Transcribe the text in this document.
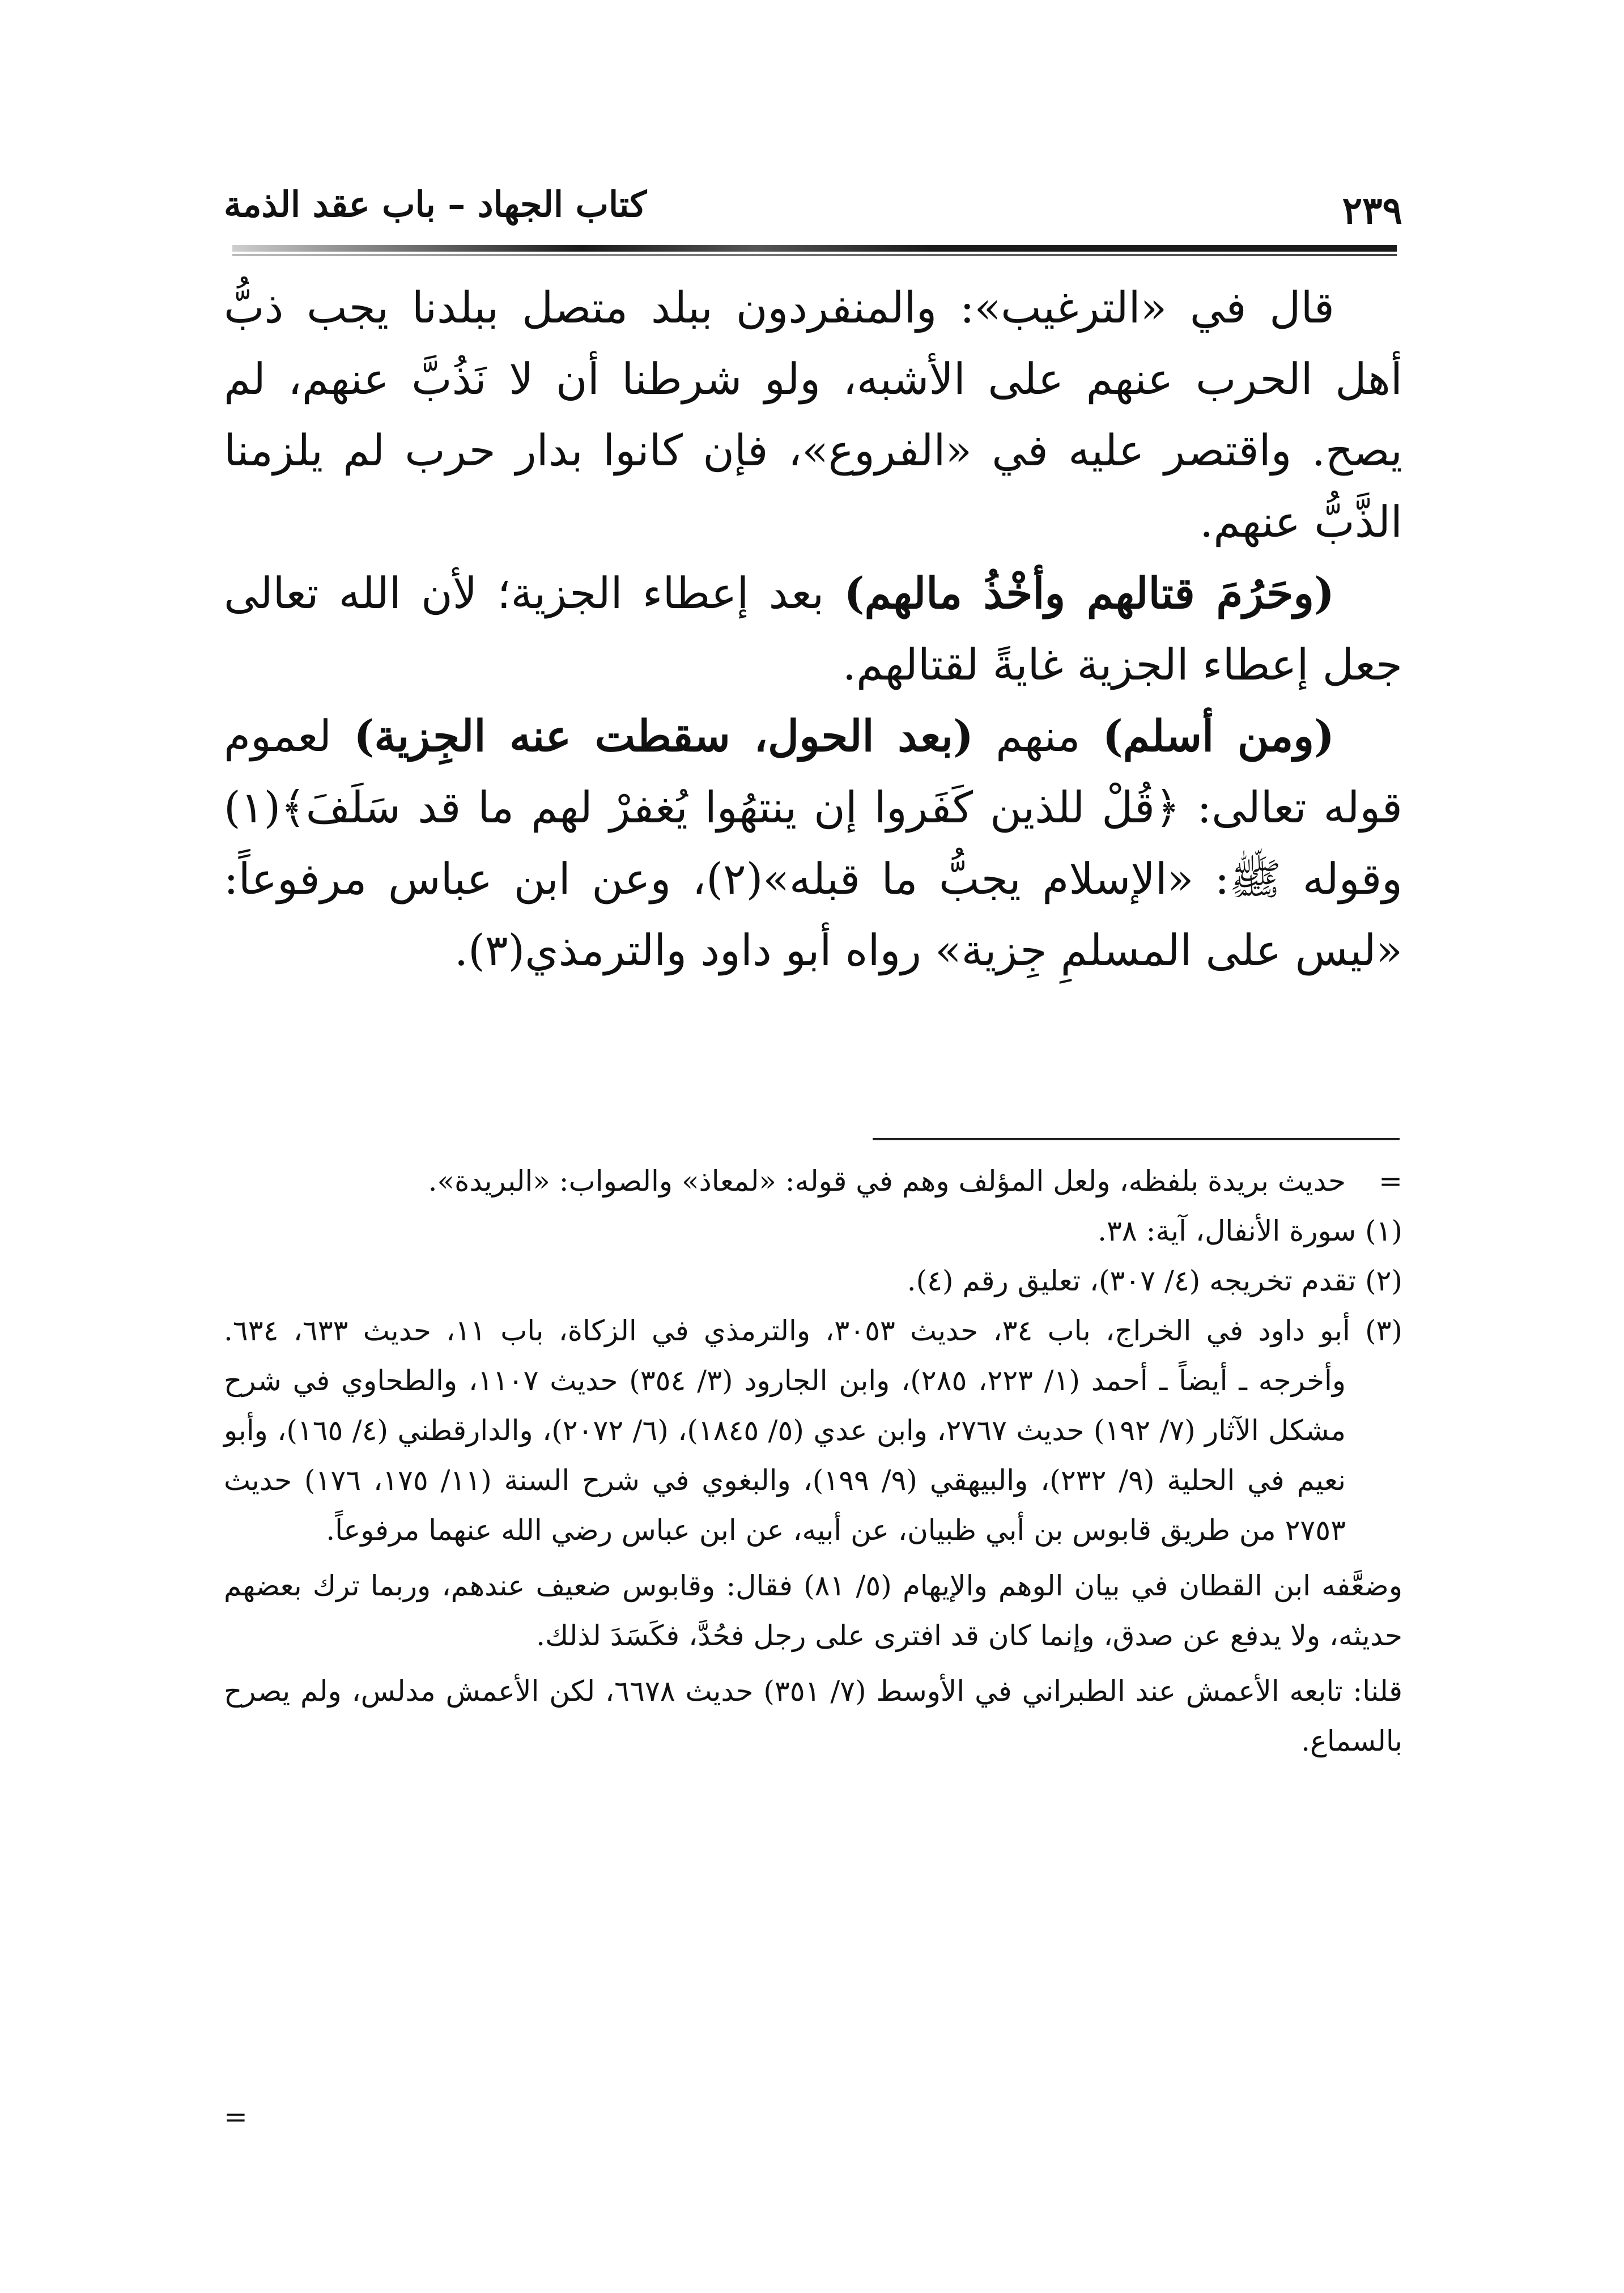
٢٣٩
كتاب الجهاد – باب عقد الذمة

قال في «الترغيب»: والمنفردون ببلد متصل ببلدنا يجب ذبُّ أهل الحرب عنهم على الأشبه، ولو شرطنا أن لا نَذُبَّ عنهم، لم يصح. واقتصر عليه في «الفروع»، فإن كانوا بدار حرب لم يلزمنا الذَّبُّ عنهم.

(وحَرُمَ قتالهم وأخْذُ مالهم) بعد إعطاء الجزية؛ لأن الله تعالى جعل إعطاء الجزية غايةً لقتالهم.

(ومن أسلم) منهم (بعد الحول، سقطت عنه الجِزية) لعموم قوله تعالى: ﴿قُلْ للذين كَفَروا إن ينتهُوا يُغفرْ لهم ما قد سَلَفَ﴾(١) وقوله ﷺ: «الإسلام يجبُّ ما قبله»(٢)، وعن ابن عباس مرفوعاً: «ليس على المسلمِ جِزية» رواه أبو داود والترمذي(٣).

=حديث بريدة بلفظه، ولعل المؤلف وهم في قوله: «لمعاذ» والصواب: «البريدة».

(١) سورة الأنفال، آية: ٣٨.

(٢) تقدم تخريجه (٤/ ٣٠٧)، تعليق رقم (٤).

(٣) أبو داود في الخراج، باب ٣٤، حديث ٣٠٥٣، والترمذي في الزكاة، باب ١١، حديث ٦٣٣، ٦٣٤. وأخرجه ـ أيضاً ـ أحمد (١/ ٢٢٣، ٢٨٥)، وابن الجارود (٣/ ٣٥٤) حديث ١١٠٧، والطحاوي في شرح مشكل الآثار (٧/ ١٩٢) حديث ٢٧٦٧، وابن عدي (٥/ ١٨٤٥)، (٦/ ٢٠٧٢)، والدارقطني (٤/ ١٦٥)، وأبو نعيم في الحلية (٩/ ٢٣٢)، والبيهقي (٩/ ١٩٩)، والبغوي في شرح السنة (١١/ ١٧٥، ١٧٦) حديث ٢٧٥٣ من طريق قابوس بن أبي ظبيان، عن أبيه، عن ابن عباس رضي الله عنهما مرفوعاً.

وضعَّفه ابن القطان في بيان الوهم والإيهام (٥/ ٨١) فقال: وقابوس ضعيف عندهم، وربما ترك بعضهم حديثه، ولا يدفع عن صدق، وإنما كان قد افترى على رجل فحُدَّ، فكَسَدَ لذلك.

قلنا: تابعه الأعمش عند الطبراني في الأوسط (٧/ ٣٥١) حديث ٦٦٧٨، لكن الأعمش مدلس، ولم يصرح بالسماع.

=
